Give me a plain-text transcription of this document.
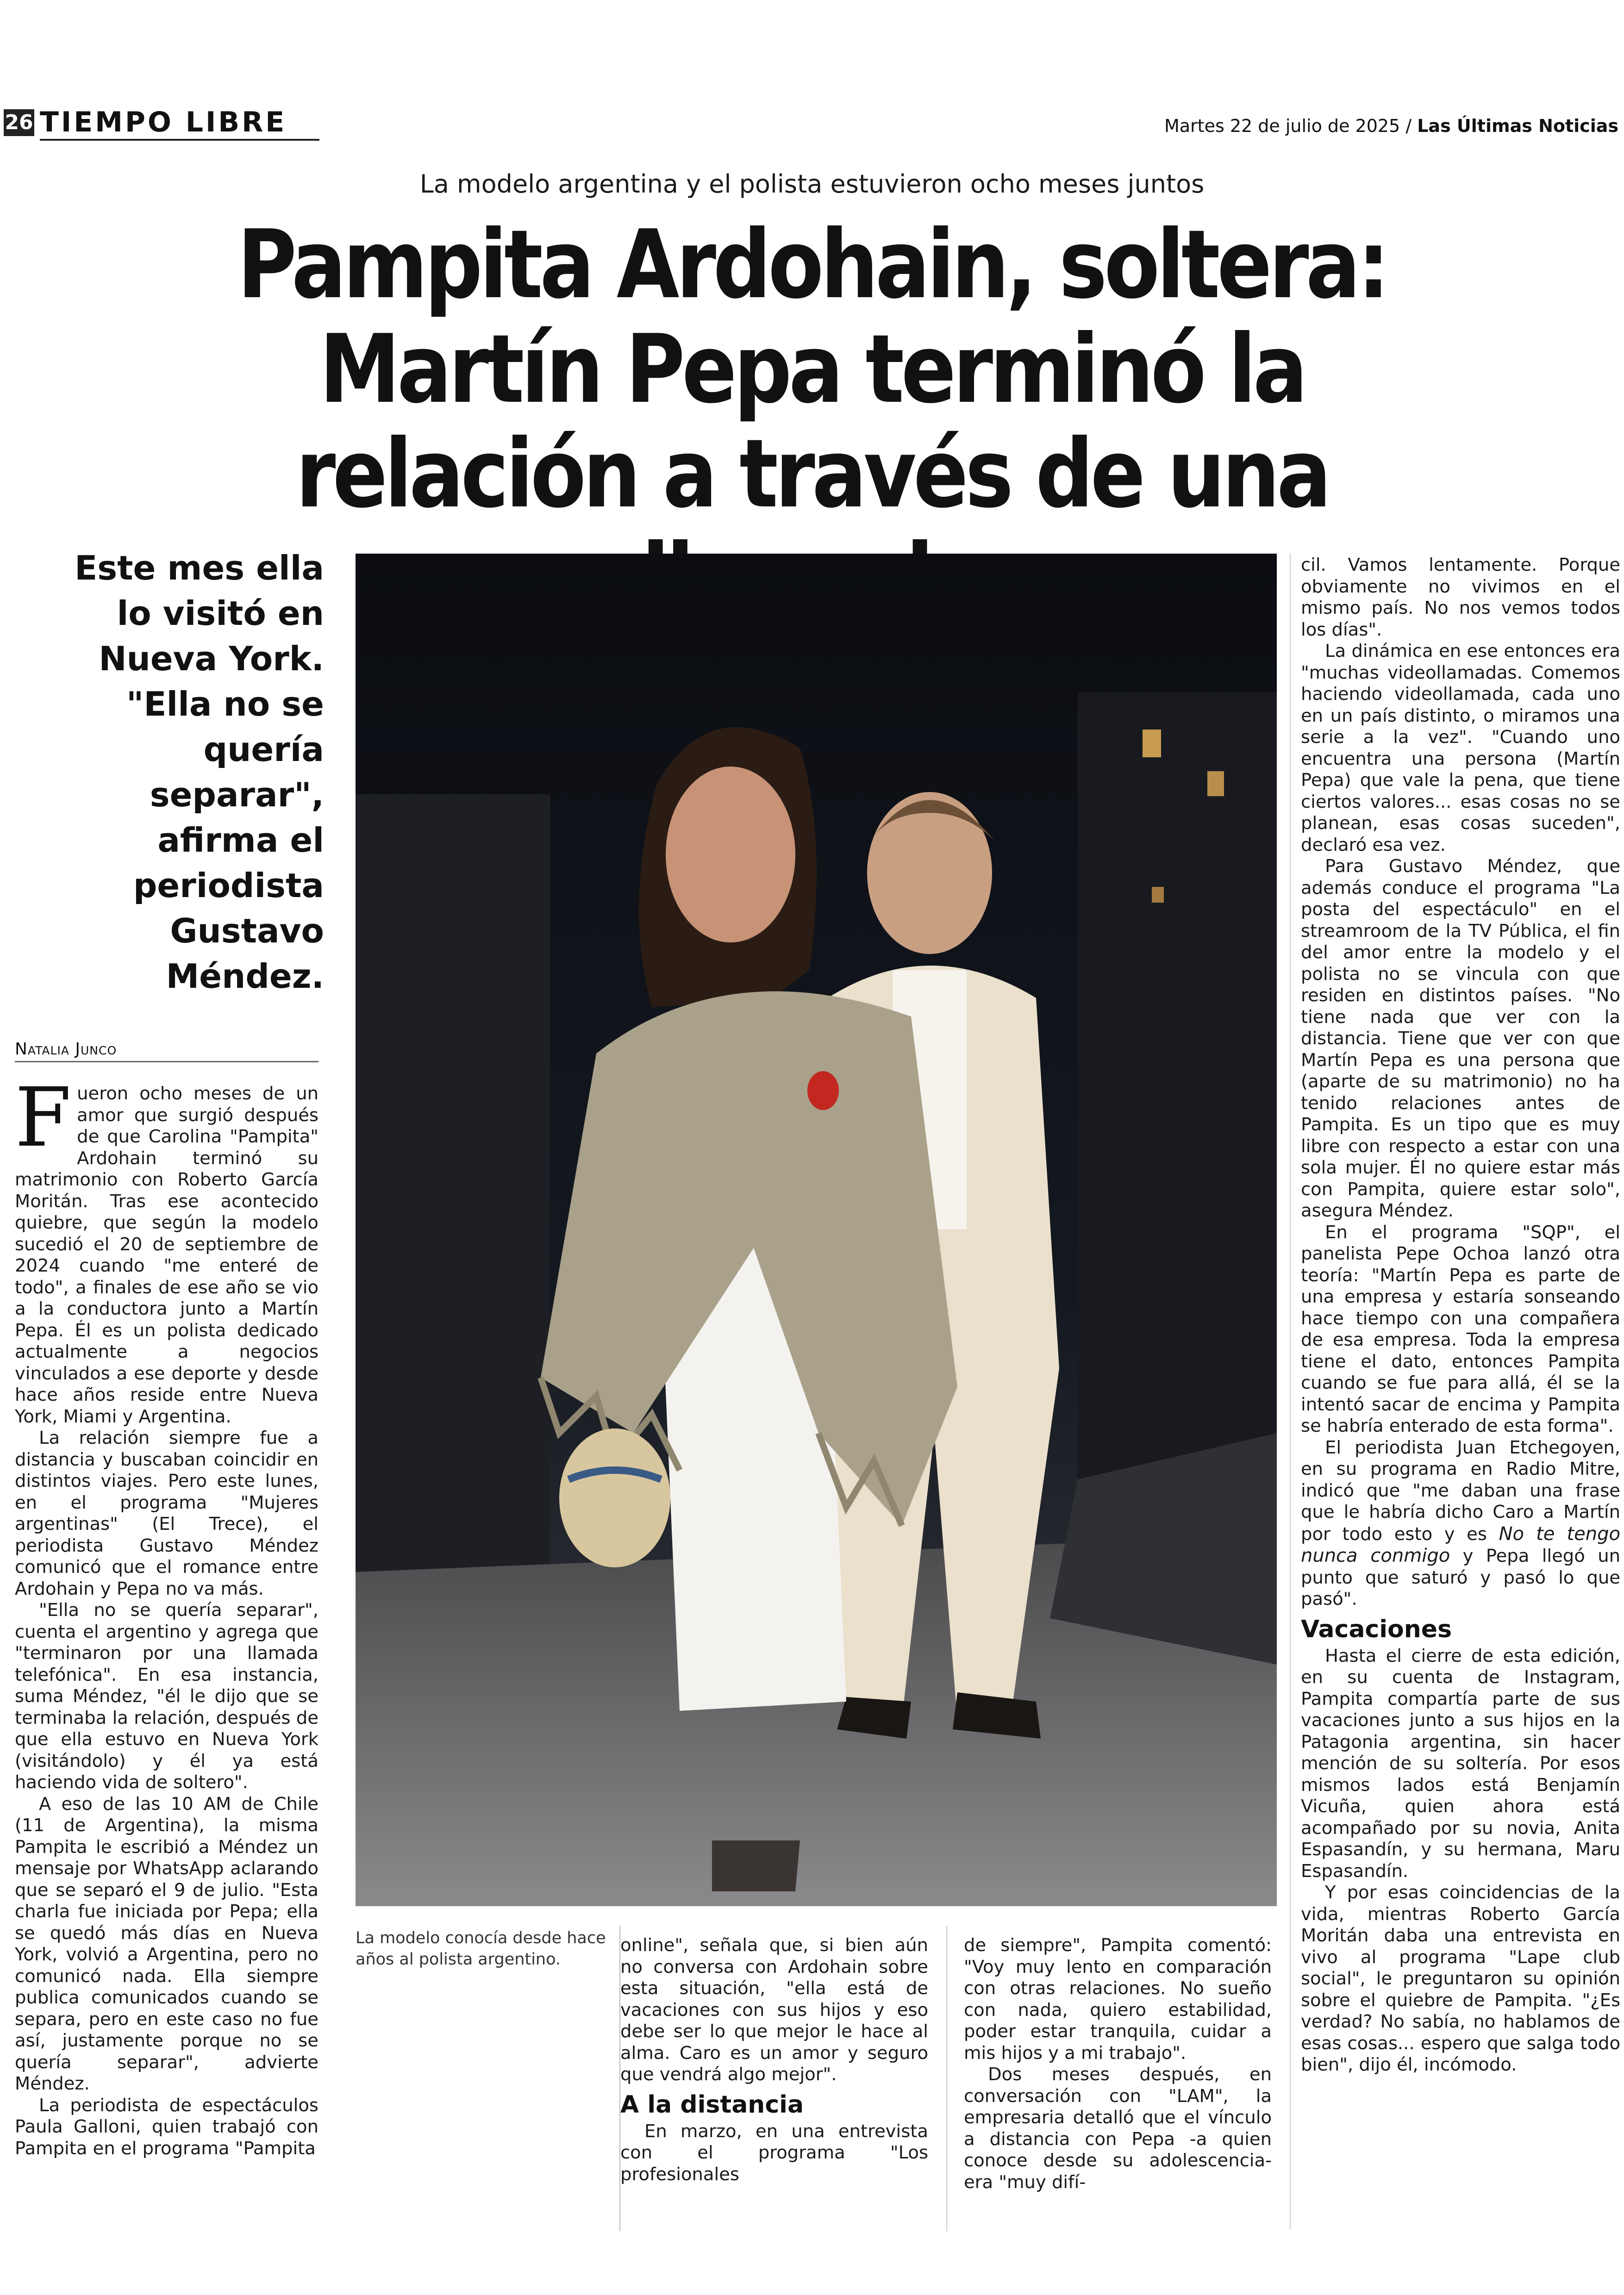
26 TIEMPO LIBRE	Martes 22 de julio de 2025 / Las Últimas Noticias
La modelo argentina y el polista estuvieron ocho meses juntos
Pampita Ardohain, soltera: Martín Pepa terminó la relación a través de una

Este mes ella lo visitó en Nueva York. "Ella no se quería separar", afirma el periodista Gustavo Méndez.

Natalia Junco

Fueron ocho meses de un amor que surgió después de que Carolina "Pampita" Ardohain terminó su matrimonio con Roberto García Moritán. Tras ese acontecido quiebre, que según la modelo sucedió el 20 de septiembre de 2024 cuando "me enteré de todo", a finales de ese año se vio a la conductora junto a Martín Pepa. Él es un polista dedicado actualmente a negocios vinculados a ese deporte y desde hace años reside entre Nueva York, Miami y Argentina.

La relación siempre fue a distancia y buscaban coincidir en distintos viajes. Pero este lunes, en el programa "Mujeres argentinas" (El Trece), el periodista Gustavo Méndez comunicó que el romance entre Ardohain y Pepa no va más.

"Ella no se quería separar", cuenta el argentino y agrega que "terminaron por una llamada telefónica". En esa instancia, suma Méndez, "él le dijo que se terminaba la relación, después de que ella estuvo en Nueva York (visitándolo) y él ya está haciendo vida de soltero".

A eso de las 10 AM de Chile (11 de Argentina), la misma Pampita le escribió a Méndez un mensaje por WhatsApp aclarando que se separó el 9 de julio. "Esta charla fue iniciada por Pepa; ella se quedó más días en Nueva York, volvió a Argentina, pero no comunicó nada. Ella siempre publica comunicados cuando se separa, pero en este caso no fue así, justamente porque no se quería separar", advierte Méndez.

La periodista de espectáculos Paula Galloni, quien trabajó con Pampita en el programa "Pampita

La modelo conocía desde hace años al polista argentino.

online", señala que, si bien aún no conversa con Ardohain sobre esta situación, "ella está de vacaciones con sus hijos y eso debe ser lo que mejor le hace al alma. Caro es un amor y seguro que vendrá algo mejor".

A la distancia

En marzo, en una entrevista con el programa "Los profesionales

de siempre", Pampita comentó: "Voy muy lento en comparación con otras relaciones. No sueño con nada, quiero estabilidad, poder estar tranquila, cuidar a mis hijos y a mi trabajo".

Dos meses después, en conversación con "LAM", la empresaria detalló que el vínculo a distancia con Pepa -a quien conoce desde su adolescencia- era "muy difí-

cil. Vamos lentamente. Porque obviamente no vivimos en el mismo país. No nos vemos todos los días".

La dinámica en ese entonces era "muchas videollamadas. Comemos haciendo videollamada, cada uno en un país distinto, o miramos una serie a la vez". "Cuando uno encuentra una persona (Martín Pepa) que vale la pena, que tiene ciertos valores... esas cosas no se planean, esas cosas suceden", declaró esa vez.

Para Gustavo Méndez, que además conduce el programa "La posta del espectáculo" en el streamroom de la TV Pública, el fin del amor entre la modelo y el polista no se vincula con que residen en distintos países. "No tiene nada que ver con la distancia. Tiene que ver con que Martín Pepa es una persona que (aparte de su matrimonio) no ha tenido relaciones antes de Pampita. Es un tipo que es muy libre con respecto a estar con una sola mujer. Él no quiere estar más con Pampita, quiere estar solo", asegura Méndez.

En el programa "SQP", el panelista Pepe Ochoa lanzó otra teoría: "Martín Pepa es parte de una empresa y estaría sonseando hace tiempo con una compañera de esa empresa. Toda la empresa tiene el dato, entonces Pampita cuando se fue para allá, él se la intentó sacar de encima y Pampita se habría enterado de esta forma".

El periodista Juan Etchegoyen, en su programa en Radio Mitre, indicó que "me daban una frase que le habría dicho Caro a Martín por todo esto y es No te tengo nunca conmigo y Pepa llegó un punto que saturó y pasó lo que pasó".

Vacaciones

Hasta el cierre de esta edición, en su cuenta de Instagram, Pampita compartía parte de sus vacaciones junto a sus hijos en la Patagonia argentina, sin hacer mención de su soltería. Por esos mismos lados está Benjamín Vicuña, quien ahora está acompañado por su novia, Anita Espasandín, y su hermana, Maru Espasandín.

Y por esas coincidencias de la vida, mientras Roberto García Moritán daba una entrevista en vivo al programa "Lape club social", le preguntaron su opinión sobre el quiebre de Pampita. "¿Es verdad? No sabía, no hablamos de esas cosas... espero que salga todo bien", dijo él, incómodo.
